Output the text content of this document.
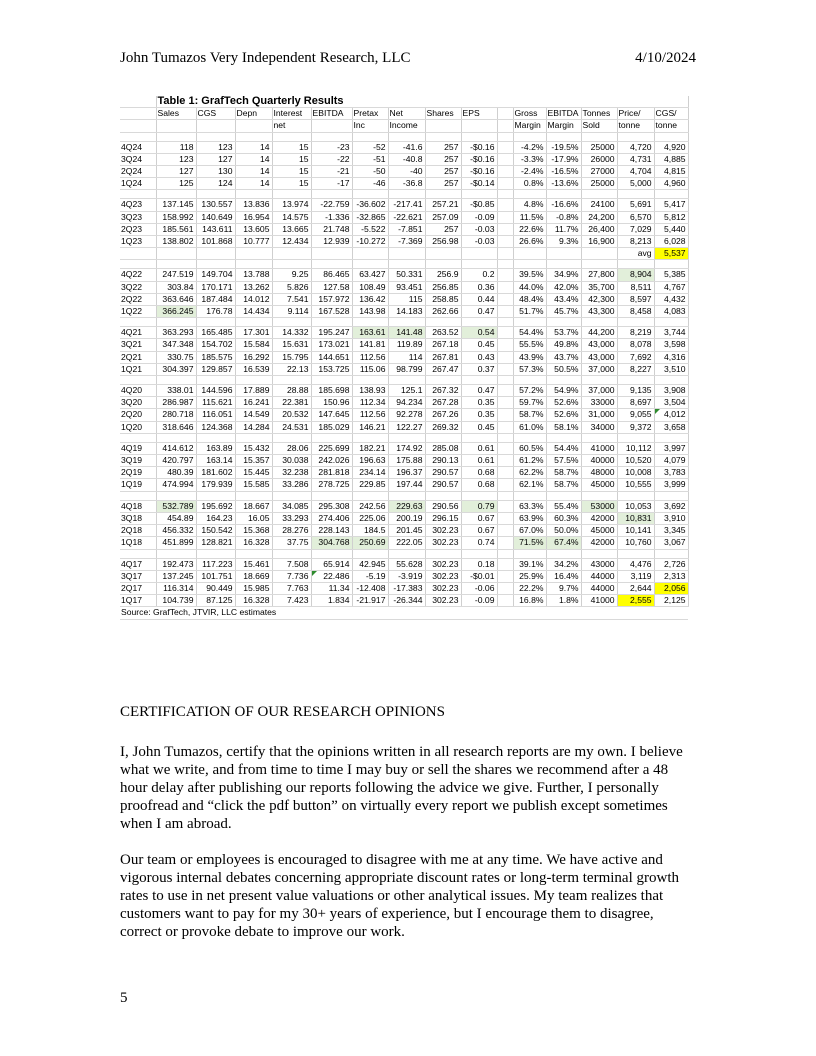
John Tumazos Very Independent Research, LLC	4/10/2024
	Table 1: GrafTech Quarterly Results														
	Sales	CGS	Depn	Interest	EBITDA	Pretax	Net	Shares	EPS		Gross	EBITDA	Tonnes	Price/	CGS/
				net		Inc	Income				Margin	Margin	Sold	tonne	tonne

4Q24	118	123	14	15	-23	-52	-41.6	257	-$0.16		-4.2%	-19.5%	25000	4,720	4,920
3Q24	123	127	14	15	-22	-51	-40.8	257	-$0.16		-3.3%	-17.9%	26000	4,731	4,885
2Q24	127	130	14	15	-21	-50	-40	257	-$0.16		-2.4%	-16.5%	27000	4,704	4,815
1Q24	125	124	14	15	-17	-46	-36.8	257	-$0.14		0.8%	-13.6%	25000	5,000	4,960

4Q23	137.145	130.557	13.836	13.974	-22.759	-36.602	-217.41	257.21	-$0.85		4.8%	-16.6%	24100	5,691	5,417
3Q23	158.992	140.649	16.954	14.575	-1.336	-32.865	-22.621	257.09	-0.09		11.5%	-0.8%	24,200	6,570	5,812
2Q23	185.561	143.611	13.605	13.665	21.748	-5.522	-7.851	257	-0.03		22.6%	11.7%	26,400	7,029	5,440
1Q23	138.802	101.868	10.777	12.434	12.939	-10.272	-7.369	256.98	-0.03		26.6%	9.3%	16,900	8,213	6,028
														avg	5,537

4Q22	247.519	149.704	13.788	9.25	86.465	63.427	50.331	256.9	0.2		39.5%	34.9%	27,800	8,904	5,385
3Q22	303.84	170.171	13.262	5.826	127.58	108.49	93.451	256.85	0.36		44.0%	42.0%	35,700	8,511	4,767
2Q22	363.646	187.484	14.012	7.541	157.972	136.42	115	258.85	0.44		48.4%	43.4%	42,300	8,597	4,432
1Q22	366.245	176.78	14.434	9.114	167.528	143.98	14.183	262.66	0.47		51.7%	45.7%	43,300	8,458	4,083

4Q21	363.293	165.485	17.301	14.332	195.247	163.61	141.48	263.52	0.54		54.4%	53.7%	44,200	8,219	3,744
3Q21	347.348	154.702	15.584	15.631	173.021	141.81	119.89	267.18	0.45		55.5%	49.8%	43,000	8,078	3,598
2Q21	330.75	185.575	16.292	15.795	144.651	112.56	114	267.81	0.43		43.9%	43.7%	43,000	7,692	4,316
1Q21	304.397	129.857	16.539	22.13	153.725	115.06	98.799	267.47	0.37		57.3%	50.5%	37,000	8,227	3,510

4Q20	338.01	144.596	17.889	28.88	185.698	138.93	125.1	267.32	0.47		57.2%	54.9%	37,000	9,135	3,908
3Q20	286.987	115.621	16.241	22.381	150.96	112.34	94.234	267.28	0.35		59.7%	52.6%	33000	8,697	3,504
2Q20	280.718	116.051	14.549	20.532	147.645	112.56	92.278	267.26	0.35		58.7%	52.6%	31,000	9,055	4,012
1Q20	318.646	124.368	14.284	24.531	185.029	146.21	122.27	269.32	0.45		61.0%	58.1%	34000	9,372	3,658

4Q19	414.612	163.89	15.432	28.06	225.699	182.21	174.92	285.08	0.61		60.5%	54.4%	41000	10,112	3,997
3Q19	420.797	163.14	15.357	30.038	242.026	196.63	175.88	290.13	0.61		61.2%	57.5%	40000	10,520	4,079
2Q19	480.39	181.602	15.445	32.238	281.818	234.14	196.37	290.57	0.68		62.2%	58.7%	48000	10,008	3,783
1Q19	474.994	179.939	15.585	33.286	278.725	229.85	197.44	290.57	0.68		62.1%	58.7%	45000	10,555	3,999

4Q18	532.789	195.692	18.667	34.085	295.308	242.56	229.63	290.56	0.79		63.3%	55.4%	53000	10,053	3,692
3Q18	454.89	164.23	16.05	33.293	274.406	225.06	200.19	296.15	0.67		63.9%	60.3%	42000	10,831	3,910
2Q18	456.332	150.542	15.368	28.276	228.143	184.5	201.45	302.23	0.67		67.0%	50.0%	45000	10,141	3,345
1Q18	451.899	128.821	16.328	37.75	304.768	250.69	222.05	302.23	0.74		71.5%	67.4%	42000	10,760	3,067

4Q17	192.473	117.223	15.461	7.508	65.914	42.945	55.628	302.23	0.18		39.1%	34.2%	43000	4,476	2,726
3Q17	137.245	101.751	18.669	7.736	22.486	-5.19	-3.919	302.23	-$0.01		25.9%	16.4%	44000	3,119	2,313
2Q17	116.314	90.449	15.985	7.763	11.34	-12.408	-17.383	302.23	-0.06		22.2%	9.7%	44000	2,644	2,056
1Q17	104.739	87.125	16.328	7.423	1.834	-21.917	-26.344	302.23	-0.09		16.8%	1.8%	41000	2,555	2,125
Source: GrafTech, JTVIR, LLC estimates															
CERTIFICATION OF OUR RESEARCH OPINIONS

I, John Tumazos, certify that the opinions written in all research reports are my own. I believe what we write, and from time to time I may buy or sell the shares we recommend after a 48 hour delay after publishing our reports following the advice we give. Further, I personally proofread and “click the pdf button” on virtually every report we publish except sometimes when I am abroad.

Our team or employees is encouraged to disagree with me at any time. We have active and vigorous internal debates concerning appropriate discount rates or long-term terminal growth rates to use in net present value valuations or other analytical issues. My team realizes that customers want to pay for my 30+ years of experience, but I encourage them to disagree, correct or provoke debate to improve our work.

5
